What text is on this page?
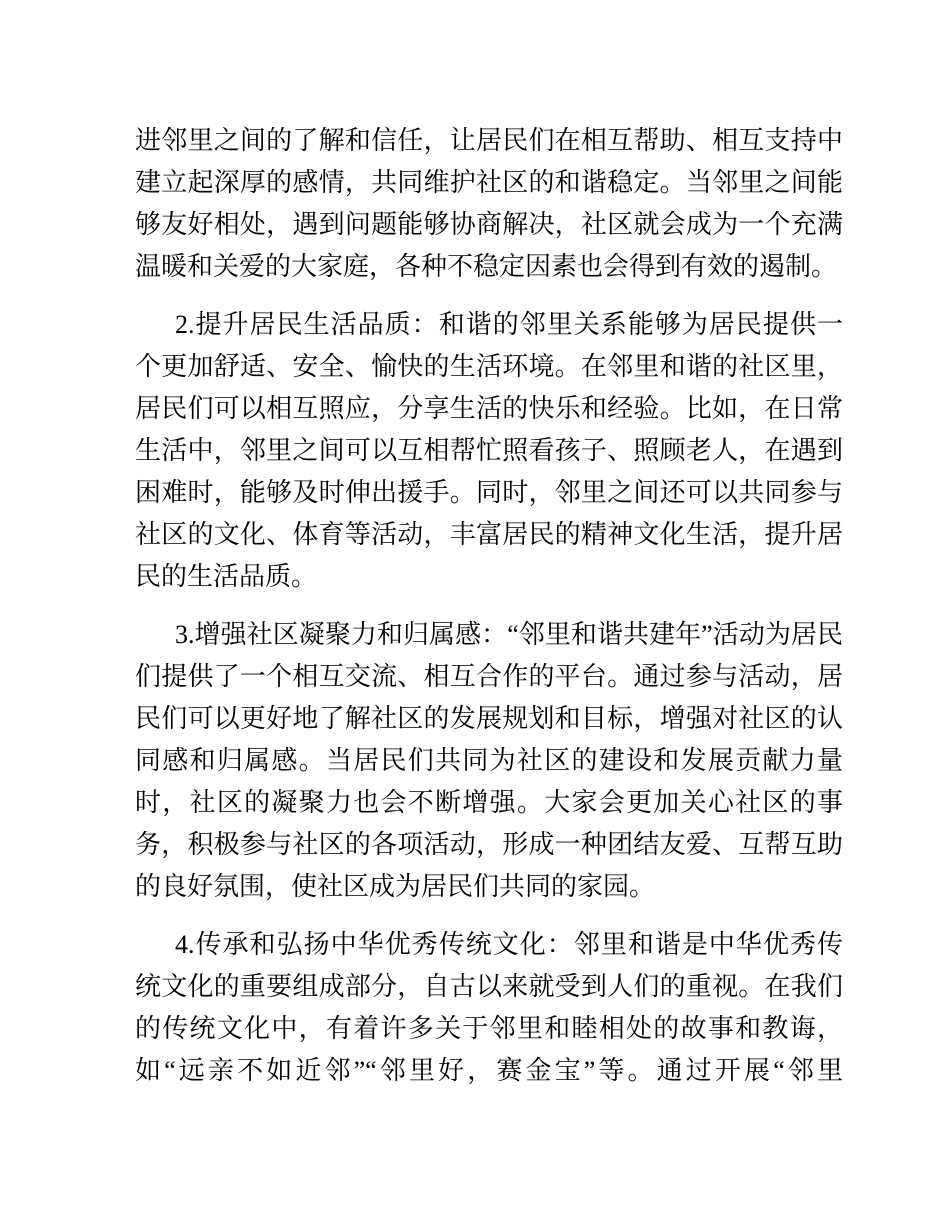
进邻里之间的了解和信任，让居民们在相互帮助、相互支持中建立起深厚的感情，共同维护社区的和谐稳定。当邻里之间能够友好相处，遇到问题能够协商解决，社区就会成为一个充满温暖和关爱的大家庭，各种不稳定因素也会得到有效的遏制。

2.提升居民生活品质：和谐的邻里关系能够为居民提供一个更加舒适、安全、愉快的生活环境。在邻里和谐的社区里，居民们可以相互照应，分享生活的快乐和经验。比如，在日常生活中，邻里之间可以互相帮忙照看孩子、照顾老人，在遇到困难时，能够及时伸出援手。同时，邻里之间还可以共同参与社区的文化、体育等活动，丰富居民的精神文化生活，提升居民的生活品质。

3.增强社区凝聚力和归属感：“邻里和谐共建年”活动为居民们提供了一个相互交流、相互合作的平台。通过参与活动，居民们可以更好地了解社区的发展规划和目标，增强对社区的认同感和归属感。当居民们共同为社区的建设和发展贡献力量时，社区的凝聚力也会不断增强。大家会更加关心社区的事务，积极参与社区的各项活动，形成一种团结友爱、互帮互助的良好氛围，使社区成为居民们共同的家园。

4.传承和弘扬中华优秀传统文化：邻里和谐是中华优秀传统文化的重要组成部分，自古以来就受到人们的重视。在我们的传统文化中，有着许多关于邻里和睦相处的故事和教诲，如“远亲不如近邻”“邻里好，赛金宝”等。通过开展“邻里
